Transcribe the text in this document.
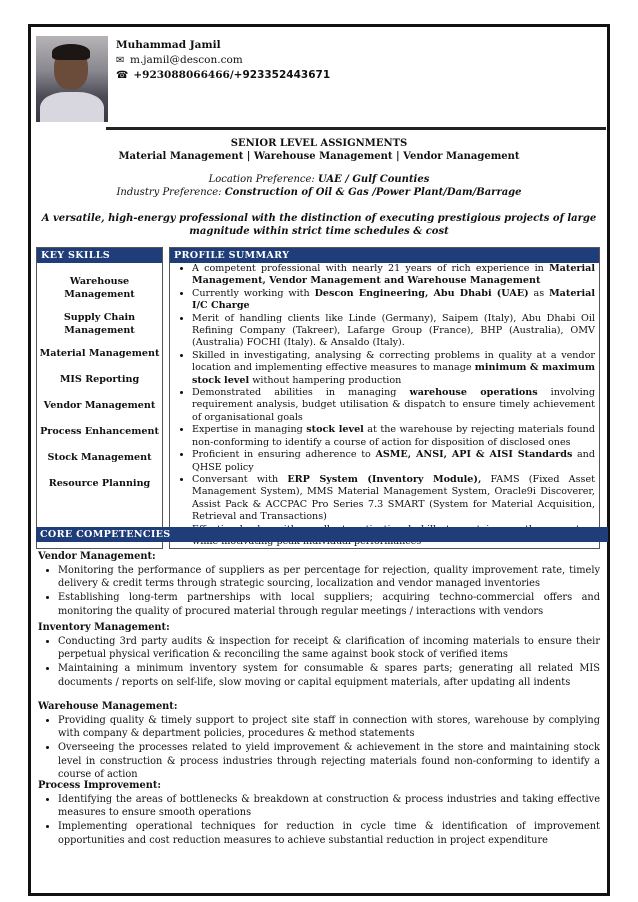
Muhammad Jamil
✉ m.jamil@descon.com
☎ +923088066466/+923352443671
SENIOR LEVEL ASSIGNMENTS
Material Management | Warehouse Management | Vendor Management
Location Preference: UAE / Gulf Counties
Industry Preference: Construction of Oil & Gas /Power Plant/Dam/Barrage
A versatile, high-energy professional with the distinction of executing prestigious projects of large magnitude within strict time schedules & cost
KEY SKILLS
Warehouse Management
Supply Chain Management
Material Management
MIS Reporting
Vendor Management
Process Enhancement
Stock Management
Resource Planning

PROFILE SUMMARY
• A competent professional with nearly 21 years of rich experience in Material Management, Vendor Management and Warehouse Management
• Currently working with Descon Engineering, Abu Dhabi (UAE) as Material I/C Charge
• Merit of handling clients like Linde (Germany), Saipem (Italy), Abu Dhabi Oil Refining Company (Takreer), Lafarge Group (France), BHP (Australia), OMV (Australia) FOCHI (Italy). & Ansaldo (Italy).
• Skilled in investigating, analysing & correcting problems in quality at a vendor location and implementing effective measures to manage minimum & maximum stock level without hampering production
• Demonstrated abilities in managing warehouse operations involving requirement analysis, budget utilisation & dispatch to ensure timely achievement of organisational goals
• Expertise in managing stock level at the warehouse by rejecting materials found non-conforming to identify a course of action for disposition of disclosed ones
• Proficient in ensuring adherence to ASME, ANSI, API & AISI Standards and QHSE policy
• Conversant with ERP System (Inventory Module), FAMS (Fixed Asset Management System), MMS Material Management System, Oracle9i Discoverer, Assist Pack & ACCPAC Pro Series 7.3 SMART (System for Material Acquisition, Retrieval and Transactions)
•
CORE COMPETENCIES
Vendor Management:
• Monitoring the performance of suppliers as per percentage for rejection, quality improvement rate, timely delivery & credit terms through strategic sourcing, localization and vendor managed inventories
• Establishing long-term partnerships with local suppliers; acquiring techno-commercial offers and monitoring the quality of procured material through regular meetings / interactions with vendors
Inventory Management:
• Conducting 3rd party audits & inspection for receipt & clarification of incoming materials to ensure their perpetual physical verification & reconciling the same against book stock of verified items
• Maintaining a minimum inventory system for consumable & spares parts; generating all related MIS documents / reports on self-life, slow moving or capital equipment materials, after updating all indents
Warehouse Management:
• Providing quality & timely support to project site staff in connection with stores, warehouse by complying with company & department policies, procedures & method statements
• Overseeing the processes related to yield improvement & achievement in the store and maintaining stock level in construction & process industries through rejecting materials found non-conforming to identify a course of action
Process Improvement:
• Identifying the areas of bottlenecks & breakdown at construction & process industries and taking effective measures to ensure smooth operations
• Implementing operational techniques for reduction in cycle time & identification of improvement opportunities and cost reduction measures to achieve substantial reduction in project expenditure
